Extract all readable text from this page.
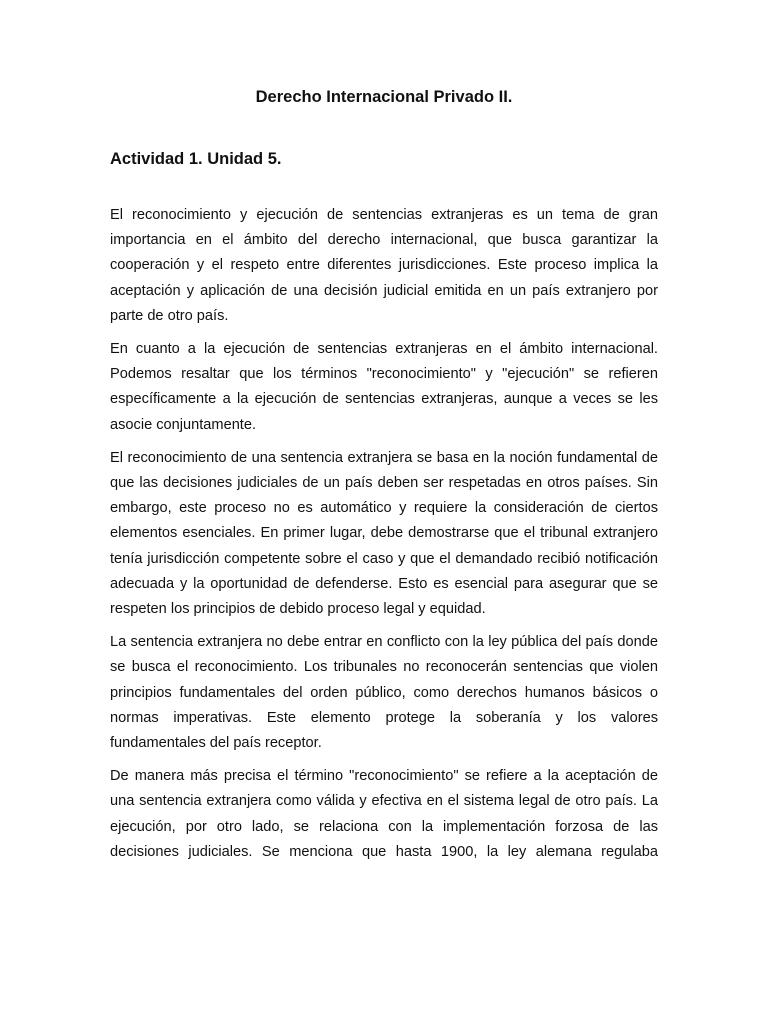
Derecho Internacional Privado II.
Actividad 1. Unidad 5.

El reconocimiento y ejecución de sentencias extranjeras es un tema de gran importancia en el ámbito del derecho internacional, que busca garantizar la cooperación y el respeto entre diferentes jurisdicciones. Este proceso implica la aceptación y aplicación de una decisión judicial emitida en un país extranjero por parte de otro país.

En cuanto a la ejecución de sentencias extranjeras en el ámbito internacional. Podemos resaltar que los términos "reconocimiento" y "ejecución" se refieren específicamente a la ejecución de sentencias extranjeras, aunque a veces se les asocie conjuntamente.

El reconocimiento de una sentencia extranjera se basa en la noción fundamental de que las decisiones judiciales de un país deben ser respetadas en otros países. Sin embargo, este proceso no es automático y requiere la consideración de ciertos elementos esenciales. En primer lugar, debe demostrarse que el tribunal extranjero tenía jurisdicción competente sobre el caso y que el demandado recibió notificación adecuada y la oportunidad de defenderse. Esto es esencial para asegurar que se respeten los principios de debido proceso legal y equidad.

La sentencia extranjera no debe entrar en conflicto con la ley pública del país donde se busca el reconocimiento. Los tribunales no reconocerán sentencias que violen principios fundamentales del orden público, como derechos humanos básicos o normas imperativas. Este elemento protege la soberanía y los valores fundamentales del país receptor.

De manera más precisa el término "reconocimiento" se refiere a la aceptación de una sentencia extranjera como válida y efectiva en el sistema legal de otro país. La ejecución, por otro lado, se relaciona con la implementación forzosa de las decisiones judiciales. Se menciona que hasta 1900, la ley alemana regulaba
